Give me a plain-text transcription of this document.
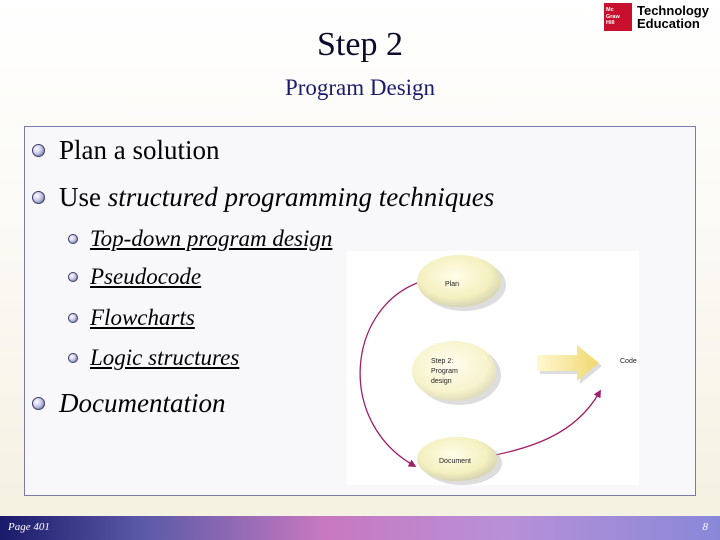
Mc
Graw
Hill
Technology
Education
Step 2
Program Design
Plan a solution
Use structured programming techniques
Top-down program design
Pseudocode
Flowcharts
Logic structures
Documentation
Plan
Step 2:
Program
design
Code
Document
Page 401	8
